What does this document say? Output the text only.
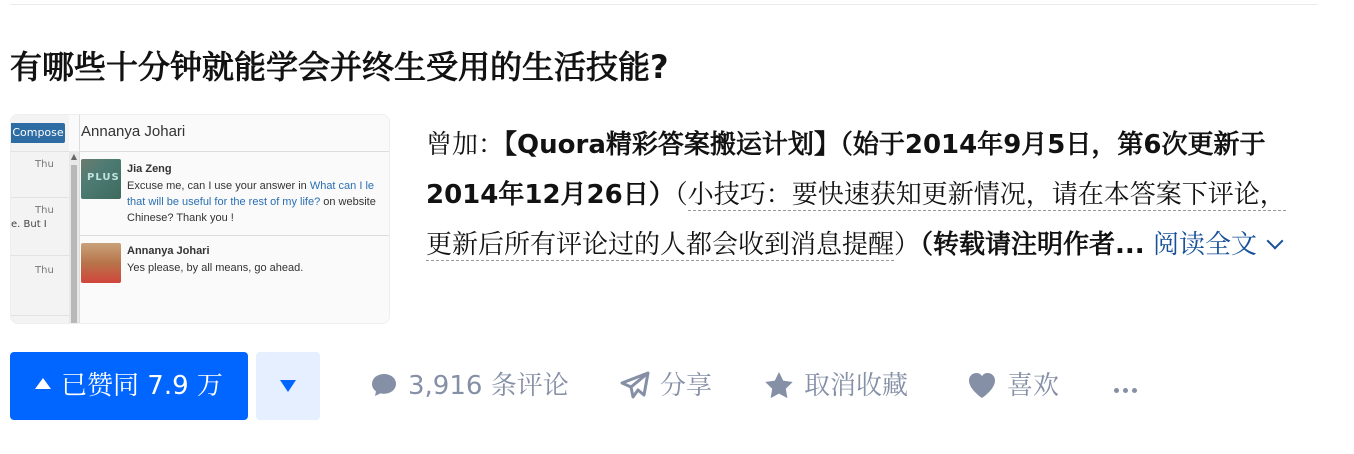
有哪些十分钟就能学会并终生受用的生活技能?
Compose
Thu
Thu
e. But I
Thu
▲
Annanya Johari
PLUS
Jia Zeng
Excuse me, can I use your answer in What can I le
that will be useful for the rest of my life? on website
Chinese? Thank you !
Annanya Johari
Yes please, by all means, go ahead.
曾加：【Quora精彩答案搬运计划】（始于2014年9月5日，第6次更新于2014年12月26日）（小技巧：要快速获知更新情况，请在本答案下评论，更新后所有评论过的人都会收到消息提醒）（转载请注明作者... 阅读全文
已赞同 7.9 万	3,916 条评论	分享	取消收藏	喜欢
